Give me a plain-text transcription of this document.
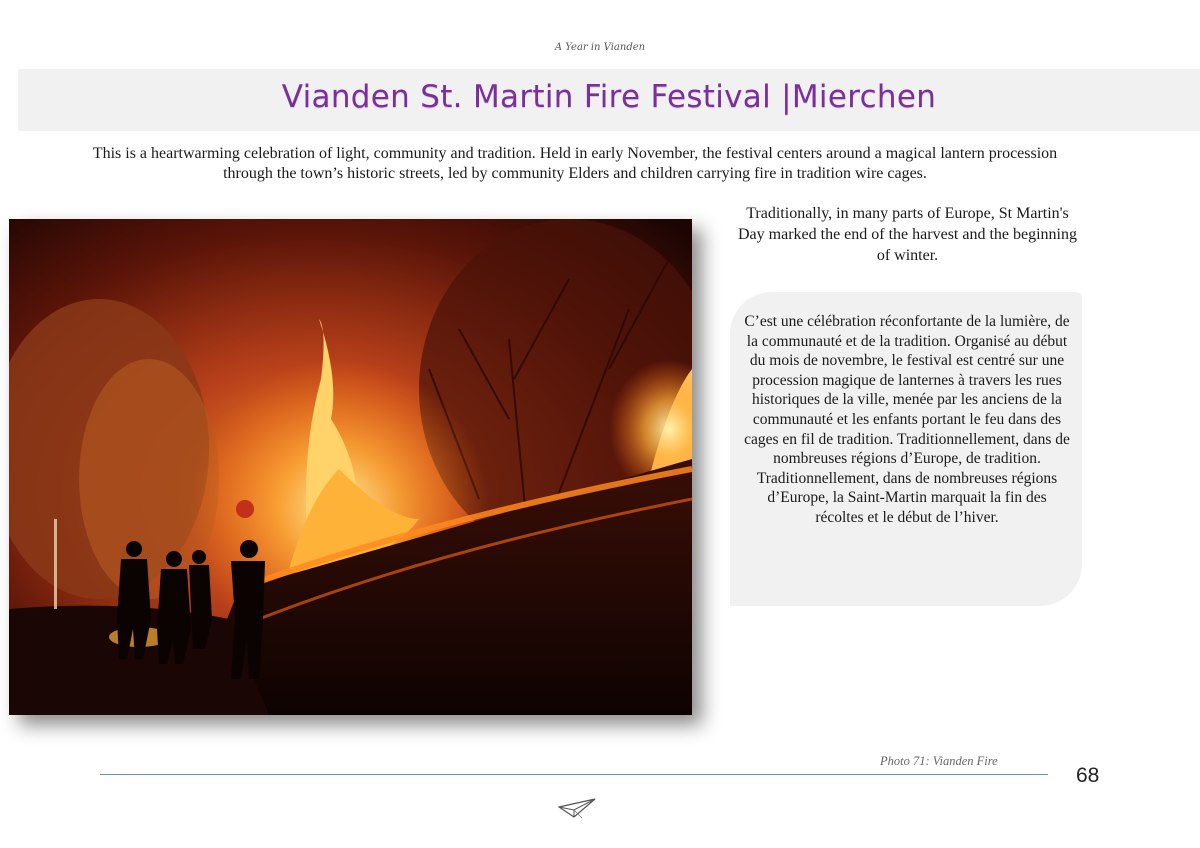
A Year in Vianden
Vianden St. Martin Fire Festival |Mierchen
This is a heartwarming celebration of light, community and tradition. Held in early November, the festival centers around a magical lantern procession through the town’s historic streets, led by community Elders and children carrying fire in tradition wire cages.
Traditionally, in many parts of Europe, St Martin's Day marked the end of the harvest and the beginning of winter.

C’est une célébration réconfortante de la lumière, de la communauté et de la tradition. Organisé au début du mois de novembre, le festival est centré sur une procession magique de lanternes à travers les rues historiques de la ville, menée par les anciens de la communauté et les enfants portant le feu dans des cages en fil de tradition. Traditionnellement, dans de nombreuses régions d’Europe, de tradition. Traditionnellement, dans de nombreuses régions d’Europe, la Saint-Martin marquait la fin des récoltes et le début de l’hiver.

Photo 71: Vianden Fire
68
